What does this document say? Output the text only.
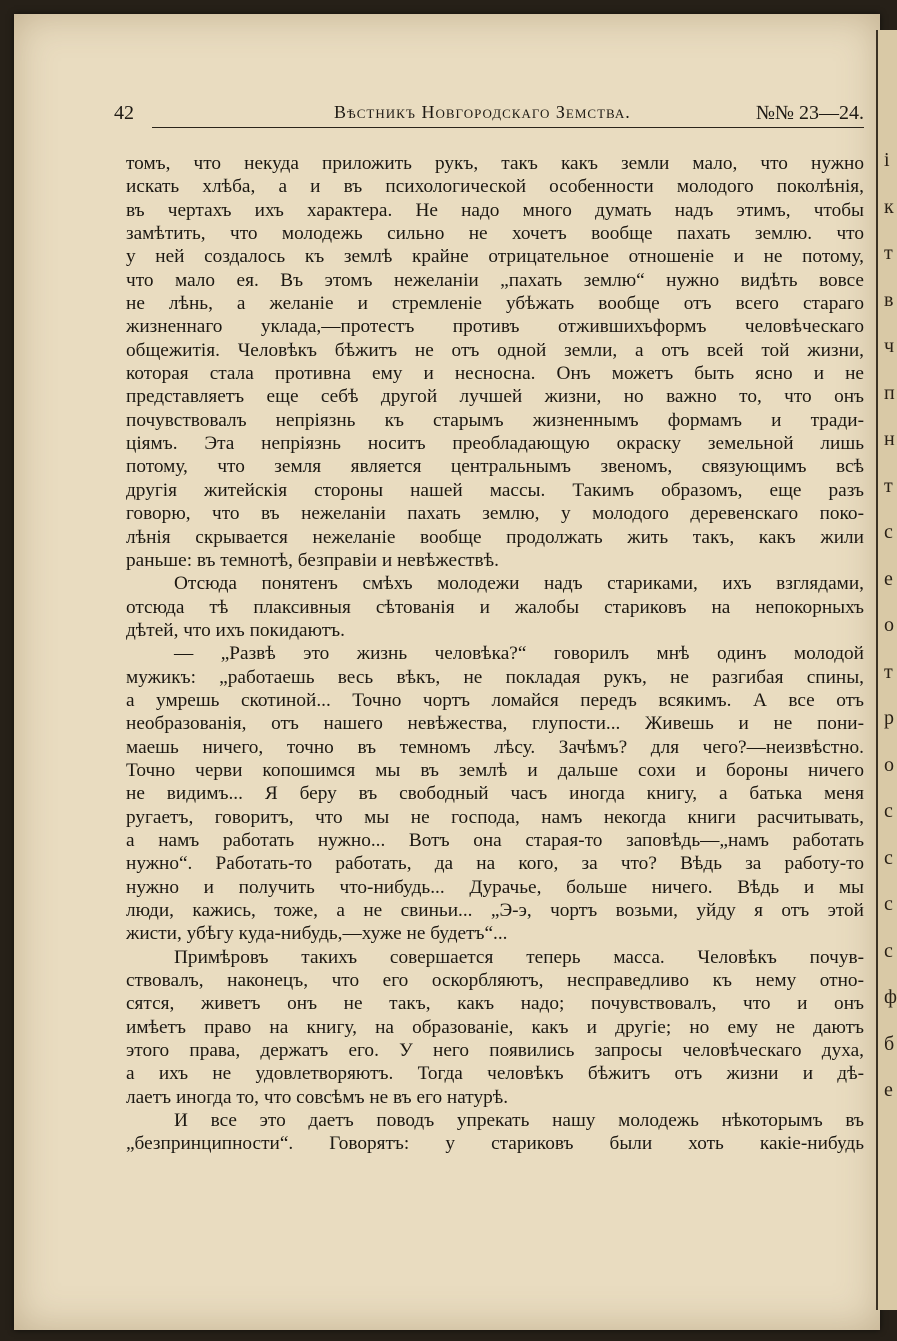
і
к
т
в
ч
п
н
т
с
е
о
т
р
о
с
с
с
с
ф
б
е
42	Вѣстникъ Новгородскаго Земства.	№№ 23—24.
томъ, что некуда приложить рукъ, такъ какъ земли мало, что нужно
искать хлѣба, а и въ психологической особенности молодого поколѣнія,
въ чертахъ ихъ характера. Не надо много думать надъ этимъ, чтобы
замѣтить, что молодежь сильно не хочетъ вообще пахать землю. что
у ней создалось къ землѣ крайне отрицательное отношеніе и не потому,
что мало ея. Въ этомъ нежеланіи „пахать землю“ нужно видѣть вовсе
не лѣнь, а желаніе и стремленіе убѣжать вообще отъ всего стараго
жизненнаго уклада,—протестъ противъ отжившихъформъ человѣческаго
общежитія. Человѣкъ бѣжитъ не отъ одной земли, а отъ всей той жизни,
которая стала противна ему и несносна. Онъ можетъ быть ясно и не
представляетъ еще себѣ другой лучшей жизни, но важно то, что онъ
почувствовалъ непріязнь къ старымъ жизненнымъ формамъ и тради-
ціямъ. Эта непріязнь носитъ преобладающую окраску земельной лишь
потому, что земля является центральнымъ звеномъ, связующимъ всѣ
другія житейскія стороны нашей массы. Такимъ образомъ, еще разъ
говорю, что въ нежеланіи пахать землю, у молодого деревенскаго поко-
лѣнія скрывается нежеланіе вообще продолжать жить такъ, какъ жили
раньше: въ темнотѣ, безправіи и невѣжествѣ.
Отсюда понятенъ смѣхъ молодежи надъ стариками, ихъ взглядами,
отсюда тѣ плаксивныя сѣтованія и жалобы стариковъ на непокорныхъ
дѣтей, что ихъ покидаютъ.
— „Развѣ это жизнь человѣка?“ говорилъ мнѣ одинъ молодой
мужикъ: „работаешь весь вѣкъ, не покладая рукъ, не разгибая спины,
а умрешь скотиной... Точно чортъ ломайся передъ всякимъ. А все отъ
необразованія, отъ нашего невѣжества, глупости... Живешь и не пони-
маешь ничего, точно въ темномъ лѣсу. Зачѣмъ? для чего?—неизвѣстно.
Точно черви копошимся мы въ землѣ и дальше сохи и бороны ничего
не видимъ... Я беру въ свободный часъ иногда книгу, а батька меня
ругаетъ, говоритъ, что мы не господа, намъ некогда книги расчитывать,
а намъ работать нужно... Вотъ она старая-то заповѣдь—„намъ работать
нужно“. Работать-то работать, да на кого, за что? Вѣдь за работу-то
нужно и получить что-нибудь... Дурачье, больше ничего. Вѣдь и мы
люди, кажись, тоже, а не свиньи... „Э-э, чортъ возьми, уйду я отъ этой
жисти, убѣгу куда-нибудь,—хуже не будетъ“...
Примѣровъ такихъ совершается теперь масса. Человѣкъ почув-
ствовалъ, наконецъ, что его оскорбляютъ, несправедливо къ нему отно-
сятся, живетъ онъ не такъ, какъ надо; почувствовалъ, что и онъ
имѣетъ право на книгу, на образованіе, какъ и другіе; но ему не даютъ
этого права, держатъ его. У него появились запросы человѣческаго духа,
а ихъ не удовлетворяютъ. Тогда человѣкъ бѣжитъ отъ жизни и дѣ-
лаетъ иногда то, что совсѣмъ не въ его натурѣ.
И все это даетъ поводъ упрекать нашу молодежь нѣкоторымъ въ
„безпринципности“. Говорятъ: у стариковъ были хоть какіе-нибудь
